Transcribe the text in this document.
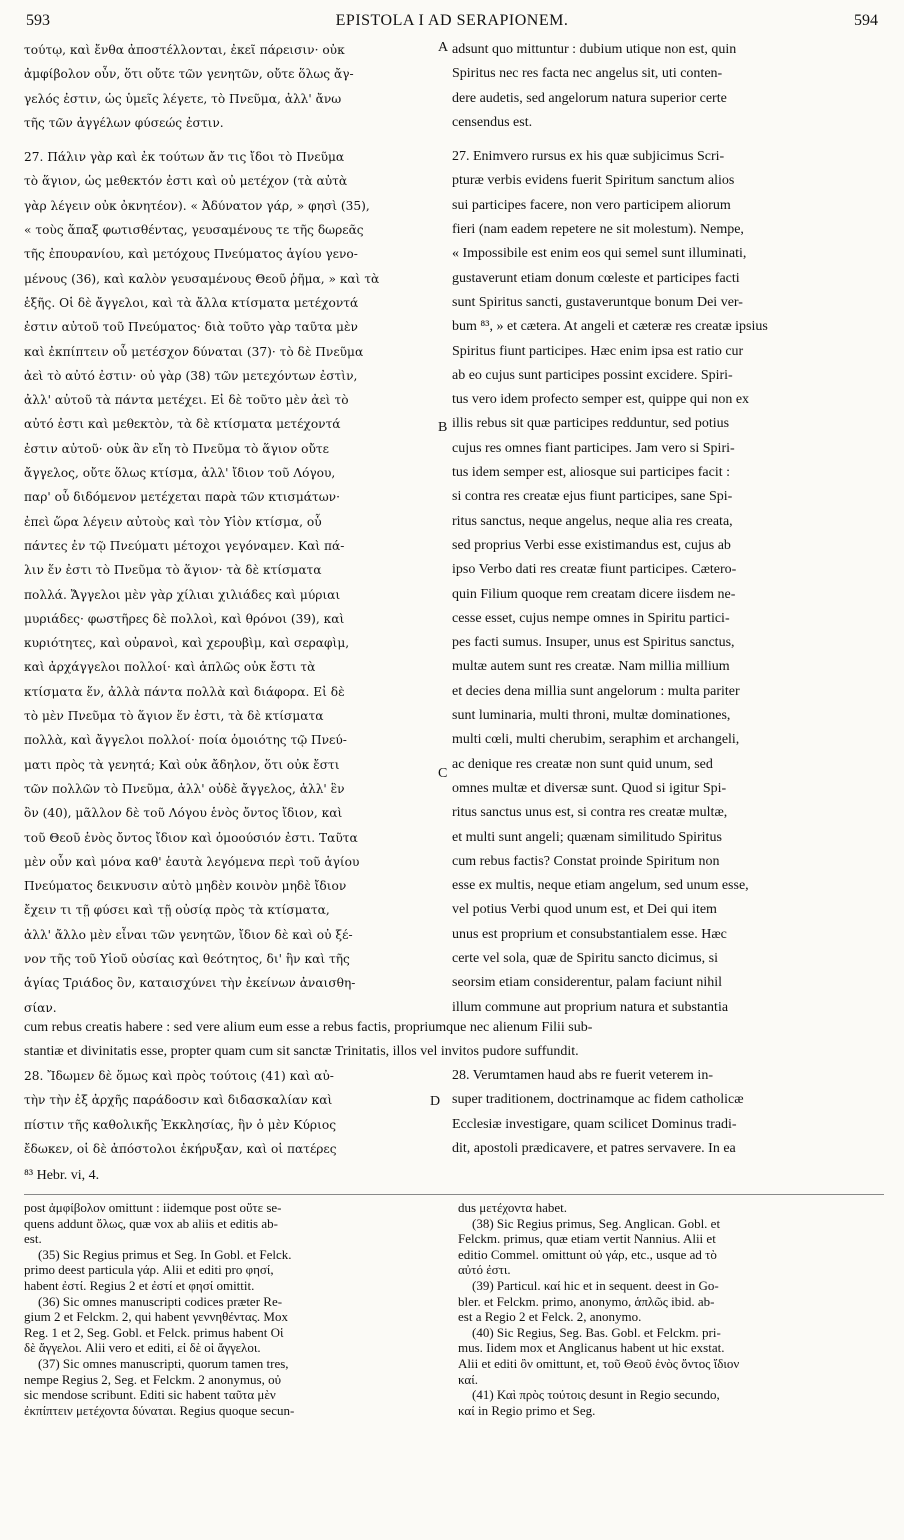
593	EPISTOLA I AD SERAPIONEM.	594

τούτῳ, καὶ ἔνθα ἀποστέλλονται, ἐκεῖ πάρεισιν· οὐκ

ἀμφίβολον οὖν, ὅτι οὔτε τῶν γενητῶν, οὔτε ὅλως ἄγ-

γελός ἐστιν, ὡς ὑμεῖς λέγετε, τὸ Πνεῦμα, ἀλλ' ἄνω

τῆς τῶν ἀγγέλων φύσεώς ἐστιν.

27. Πάλιν γὰρ καὶ ἐκ τούτων ἄν τις ἴδοι τὸ Πνεῦμα

τὸ ἅγιον, ὡς μεθεκτόν ἐστι καὶ οὐ μετέχον (τὰ αὐτὰ

γὰρ λέγειν οὐκ ὀκνητέον). « Ἀδύνατον γάρ, » φησὶ (35),

« τοὺς ἅπαξ φωτισθέντας, γευσαμένους τε τῆς δωρεᾶς

τῆς ἐπουρανίου, καὶ μετόχους Πνεύματος ἁγίου γενο-

μένους (36), καὶ καλὸν γευσαμένους Θεοῦ ῥῆμα, » καὶ τὰ

ἑξῆς. Οἱ δὲ ἄγγελοι, καὶ τὰ ἄλλα κτίσματα μετέχοντά

ἐστιν αὐτοῦ τοῦ Πνεύματος· διὰ τοῦτο γὰρ ταῦτα μὲν

καὶ ἐκπίπτειν οὗ μετέσχον δύναται (37)· τὸ δὲ Πνεῦμα

ἀεὶ τὸ αὐτό ἐστιν· οὐ γὰρ (38) τῶν μετεχόντων ἐστὶν,

ἀλλ' αὐτοῦ τὰ πάντα μετέχει. Εἰ δὲ τοῦτο μὲν ἀεὶ τὸ

αὐτό ἐστι καὶ μεθεκτὸν, τὰ δὲ κτίσματα μετέχοντά

ἐστιν αὐτοῦ· οὐκ ἂν εἴη τὸ Πνεῦμα τὸ ἅγιον οὔτε

ἄγγελος, οὔτε ὅλως κτίσμα, ἀλλ' ἴδιον τοῦ Λόγου,

παρ' οὗ διδόμενον μετέχεται παρὰ τῶν κτισμάτων·

ἐπεὶ ὥρα λέγειν αὐτοὺς καὶ τὸν Υἱὸν κτίσμα, οὗ

πάντες ἐν τῷ Πνεύματι μέτοχοι γεγόναμεν. Καὶ πά-

λιν ἕν ἐστι τὸ Πνεῦμα τὸ ἅγιον· τὰ δὲ κτίσματα

πολλά. Ἄγγελοι μὲν γὰρ χίλιαι χιλιάδες καὶ μύριαι

μυριάδες· φωστῆρες δὲ πολλοὶ, καὶ θρόνοι (39), καὶ

κυριότητες, καὶ οὐρανοὶ, καὶ χερουβὶμ, καὶ σεραφὶμ,

καὶ ἀρχάγγελοι πολλοί· καὶ ἁπλῶς οὐκ ἔστι τὰ

κτίσματα ἕν, ἀλλὰ πάντα πολλὰ καὶ διάφορα. Εἰ δὲ

τὸ μὲν Πνεῦμα τὸ ἅγιον ἕν ἐστι, τὰ δὲ κτίσματα

πολλὰ, καὶ ἄγγελοι πολλοί· ποία ὁμοιότης τῷ Πνεύ-

ματι πρὸς τὰ γενητά; Καὶ οὐκ ἄδηλον, ὅτι οὐκ ἔστι

τῶν πολλῶν τὸ Πνεῦμα, ἀλλ' οὐδὲ ἄγγελος, ἀλλ' ἓν

ὂν (40), μᾶλλον δὲ τοῦ Λόγου ἑνὸς ὄντος ἴδιον, καὶ

τοῦ Θεοῦ ἑνὸς ὄντος ἴδιον καὶ ὁμοούσιόν ἐστι. Ταῦτα

μὲν οὖν καὶ μόνα καθ' ἑαυτὰ λεγόμενα περὶ τοῦ ἁγίου

Πνεύματος δεικνυσιν αὐτὸ μηδὲν κοινὸν μηδὲ ἴδιον

ἔχειν τι τῇ φύσει καὶ τῇ οὐσίᾳ πρὸς τὰ κτίσματα,

ἀλλ' ἄλλο μὲν εἶναι τῶν γενητῶν, ἴδιον δὲ καὶ οὐ ξέ-

νον τῆς τοῦ Υἱοῦ οὐσίας καὶ θεότητος, δι' ἣν καὶ τῆς

ἁγίας Τριάδος ὂν, καταισχύνει τὴν ἐκείνων ἀναισθη-

σίαν.

adsunt quo mittuntur : dubium utique non est, quin

Spiritus nec res facta nec angelus sit, uti conten-

dere audetis, sed angelorum natura superior certe

censendus est.

27. Enimvero rursus ex his quæ subjicimus Scri-

pturæ verbis evidens fuerit Spiritum sanctum alios

sui participes facere, non vero participem aliorum

fieri (nam eadem repetere ne sit molestum). Nempe,

« Impossibile est enim eos qui semel sunt illuminati,

gustaverunt etiam donum cœleste et participes facti

sunt Spiritus sancti, gustaveruntque bonum Dei ver-

bum ⁸³, » et cætera. At angeli et cæteræ res creatæ ipsius

Spiritus fiunt participes. Hæc enim ipsa est ratio cur

ab eo cujus sunt participes possint excidere. Spiri-

tus vero idem profecto semper est, quippe qui non ex

illis rebus sit quæ participes redduntur, sed potius

cujus res omnes fiant participes. Jam vero si Spiri-

tus idem semper est, aliosque sui participes facit :

si contra res creatæ ejus fiunt participes, sane Spi-

ritus sanctus, neque angelus, neque alia res creata,

sed proprius Verbi esse existimandus est, cujus ab

ipso Verbo dati res creatæ fiunt participes. Cætero-

quin Filium quoque rem creatam dicere iisdem ne-

cesse esset, cujus nempe omnes in Spiritu partici-

pes facti sumus. Insuper, unus est Spiritus sanctus,

multæ autem sunt res creatæ. Nam millia millium

et decies dena millia sunt angelorum : multa pariter

sunt luminaria, multi throni, multæ dominationes,

multi cœli, multi cherubim, seraphim et archangeli,

ac denique res creatæ non sunt quid unum, sed

omnes multæ et diversæ sunt. Quod si igitur Spi-

ritus sanctus unus est, si contra res creatæ multæ,

et multi sunt angeli; quænam similitudo Spiritus

cum rebus factis? Constat proinde Spiritum non

esse ex multis, neque etiam angelum, sed unum esse,

vel potius Verbi quod unum est, et Dei qui item

unus est proprium et consubstantialem esse. Hæc

certe vel sola, quæ de Spiritu sancto dicimus, si

seorsim etiam considerentur, palam faciunt nihil

illum commune aut proprium natura et substantia

A
B
C
D

cum rebus creatis habere : sed vere alium eum esse a rebus factis, propriumque nec alienum Filii sub-

stantiæ et divinitatis esse, propter quam cum sit sanctæ Trinitatis, illos vel invitos pudore suffundit.

28. Ἴδωμεν δὲ ὅμως καὶ πρὸς τούτοις (41) καὶ αὐ-

τὴν τὴν ἐξ ἀρχῆς παράδοσιν καὶ διδασκαλίαν καὶ

πίστιν τῆς καθολικῆς Ἐκκλησίας, ἣν ὁ μὲν Κύριος

ἔδωκεν, οἱ δὲ ἀπόστολοι ἐκήρυξαν, καὶ οἱ πατέρες

28. Verumtamen haud abs re fuerit veterem in-

super traditionem, doctrinamque ac fidem catholicæ

Ecclesiæ investigare, quam scilicet Dominus tradi-

dit, apostoli prædicavere, et patres servavere. In ea

⁸³ Hebr. vi, 4.

post ἀμφίβολον omittunt : iidemque post οὔτε se-

quens addunt ὅλως, quæ vox ab aliis et editis ab-

est.

(35) Sic Regius primus et Seg. In Gobl. et Felck.

primo deest particula γάρ. Alii et editi pro φησί,

habent ἐστί. Regius 2 et ἐστί et φησί omittit.

(36) Sic omnes manuscripti codices præter Re-

gium 2 et Felckm. 2, qui habent γεννηθέντας. Mox

Reg. 1 et 2, Seg. Gobl. et Felck. primus habent Οἱ

δὲ ἄγγελοι. Alii vero et editi, εἰ δὲ οἱ ἄγγελοι.

(37) Sic omnes manuscripti, quorum tamen tres,

nempe Regius 2, Seg. et Felckm. 2 anonymus, οὐ

sic mendose scribunt. Editi sic habent ταῦτα μὲν

ἐκπίπτειν μετέχοντα δύναται. Regius quoque secun-

dus μετέχοντα habet.

(38) Sic Regius primus, Seg. Anglican. Gobl. et

Felckm. primus, quæ etiam vertit Nannius. Alii et

editio Commel. omittunt οὐ γάρ, etc., usque ad τὸ

αὐτό ἐστι.

(39) Particul. καί hic et in sequent. deest in Go-

bler. et Felckm. primo, anonymo, ἁπλῶς ibid. ab-

est a Regio 2 et Felck. 2, anonymo.

(40) Sic Regius, Seg. Bas. Gobl. et Felckm. pri-

mus. Iidem mox et Anglicanus habent ut hic exstat.

Alii et editi ὂν omittunt, et, τοῦ Θεοῦ ἑνὸς ὄντος ἴδιον

καί.

(41) Καὶ πρὸς τούτοις desunt in Regio secundo,

καί in Regio primo et Seg.
